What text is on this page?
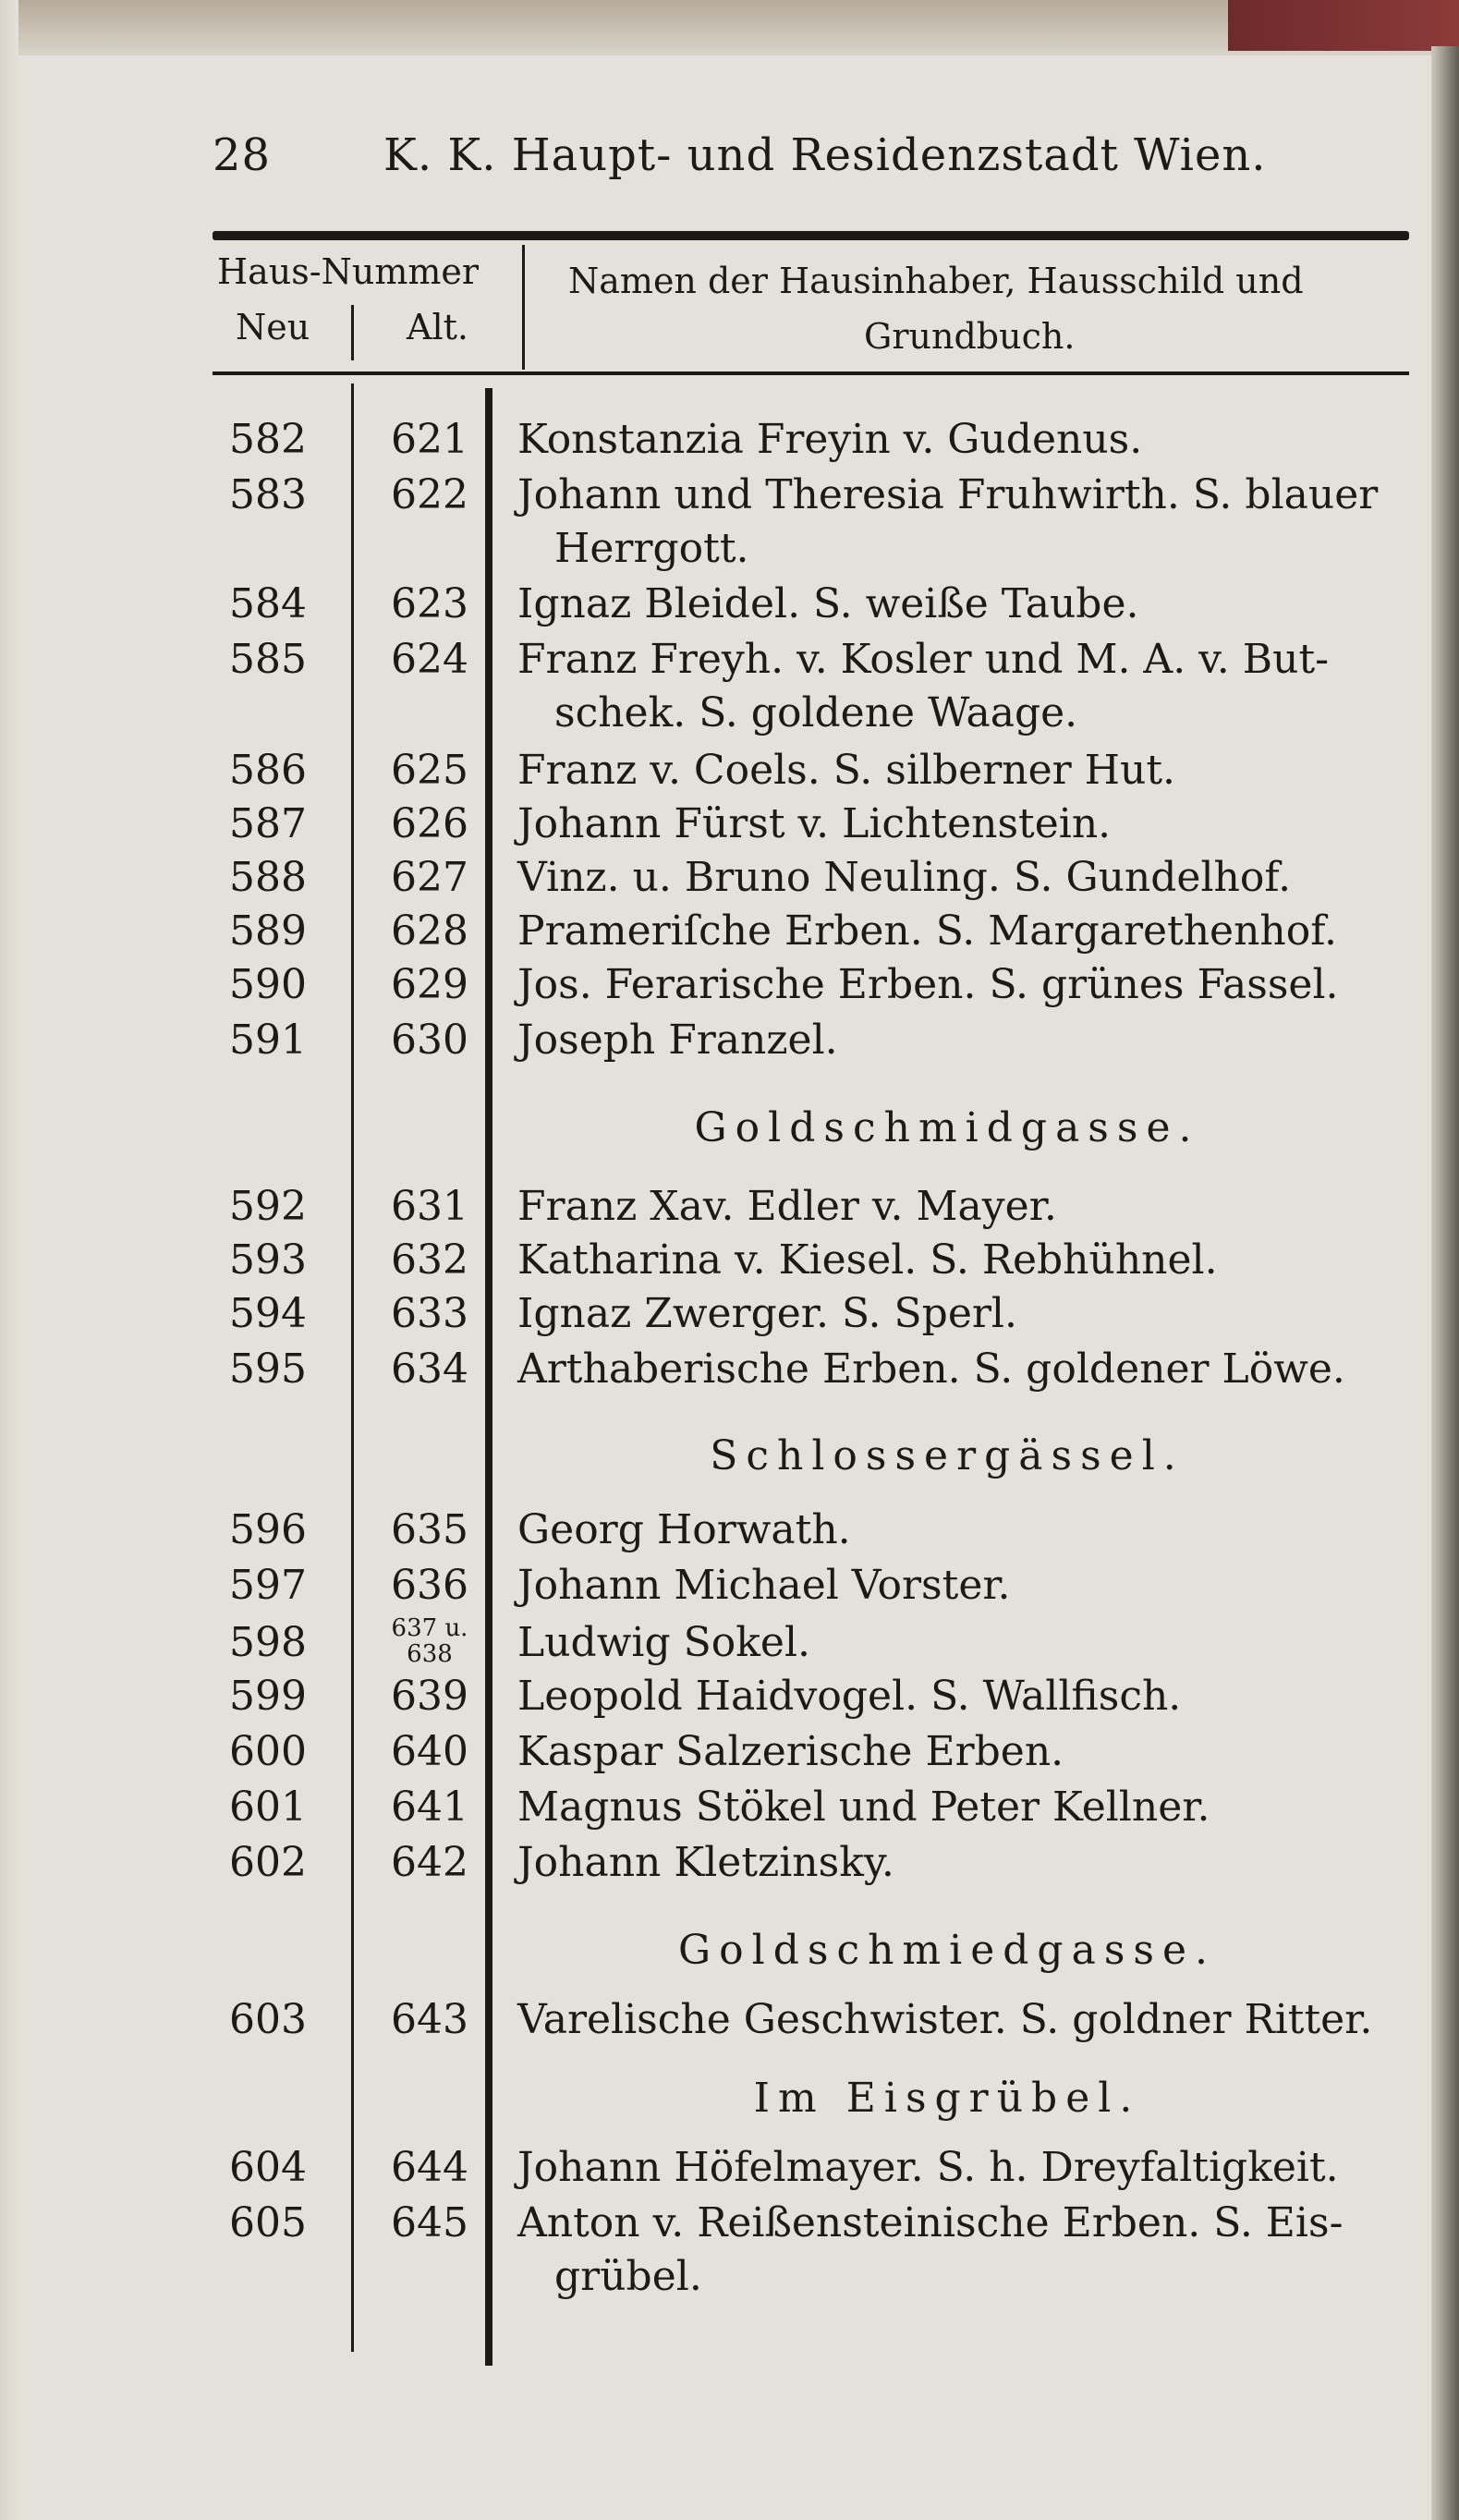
28	K. K. Haupt- und Residenzstadt Wien.
Haus-Nummer
Neu	Alt.
Namen der Hausinhaber, Hausschild und
Grundbuch.
582	621	Konstanzia Freyin v. Gudenus.
583	622	Johann und Theresia Fruhwirth. S. blauer
Herrgott.
584	623	Ignaz Bleidel. S. weiße Taube.
585	624	Franz Freyh. v. Kosler und M. A. v. But-
schek. S. goldene Waage.
586	625	Franz v. Coels. S. silberner Hut.
587	626	Johann Fürst v. Lichtenstein.
588	627	Vinz. u. Bruno Neuling. S. Gundelhof.
589	628	Prameriſche Erben. S. Margarethenhof.
590	629	Jos. Ferarische Erben. S. grünes Fassel.
591	630	Joseph Franzel.
Goldschmidgasse.
592	631	Franz Xav. Edler v. Mayer.
593	632	Katharina v. Kiesel. S. Rebhühnel.
594	633	Ignaz Zwerger. S. Sperl.
595	634	Arthaberische Erben. S. goldener Löwe.
Schlossergässel.
596	635	Georg Horwath.
597	636	Johann Michael Vorster.
598	637 u. 638	Ludwig Sokel.
599	639	Leopold Haidvogel. S. Wallfisch.
600	640	Kaspar Salzerische Erben.
601	641	Magnus Stökel und Peter Kellner.
602	642	Johann Kletzinsky.
Goldschmiedgasse.
603	643	Varelische Geschwister. S. goldner Ritter.
Im Eisgrübel.
604	644	Johann Höfelmayer. S. h. Dreyfaltigkeit.
605	645	Anton v. Reißensteinische Erben. S. Eis-
grübel.
